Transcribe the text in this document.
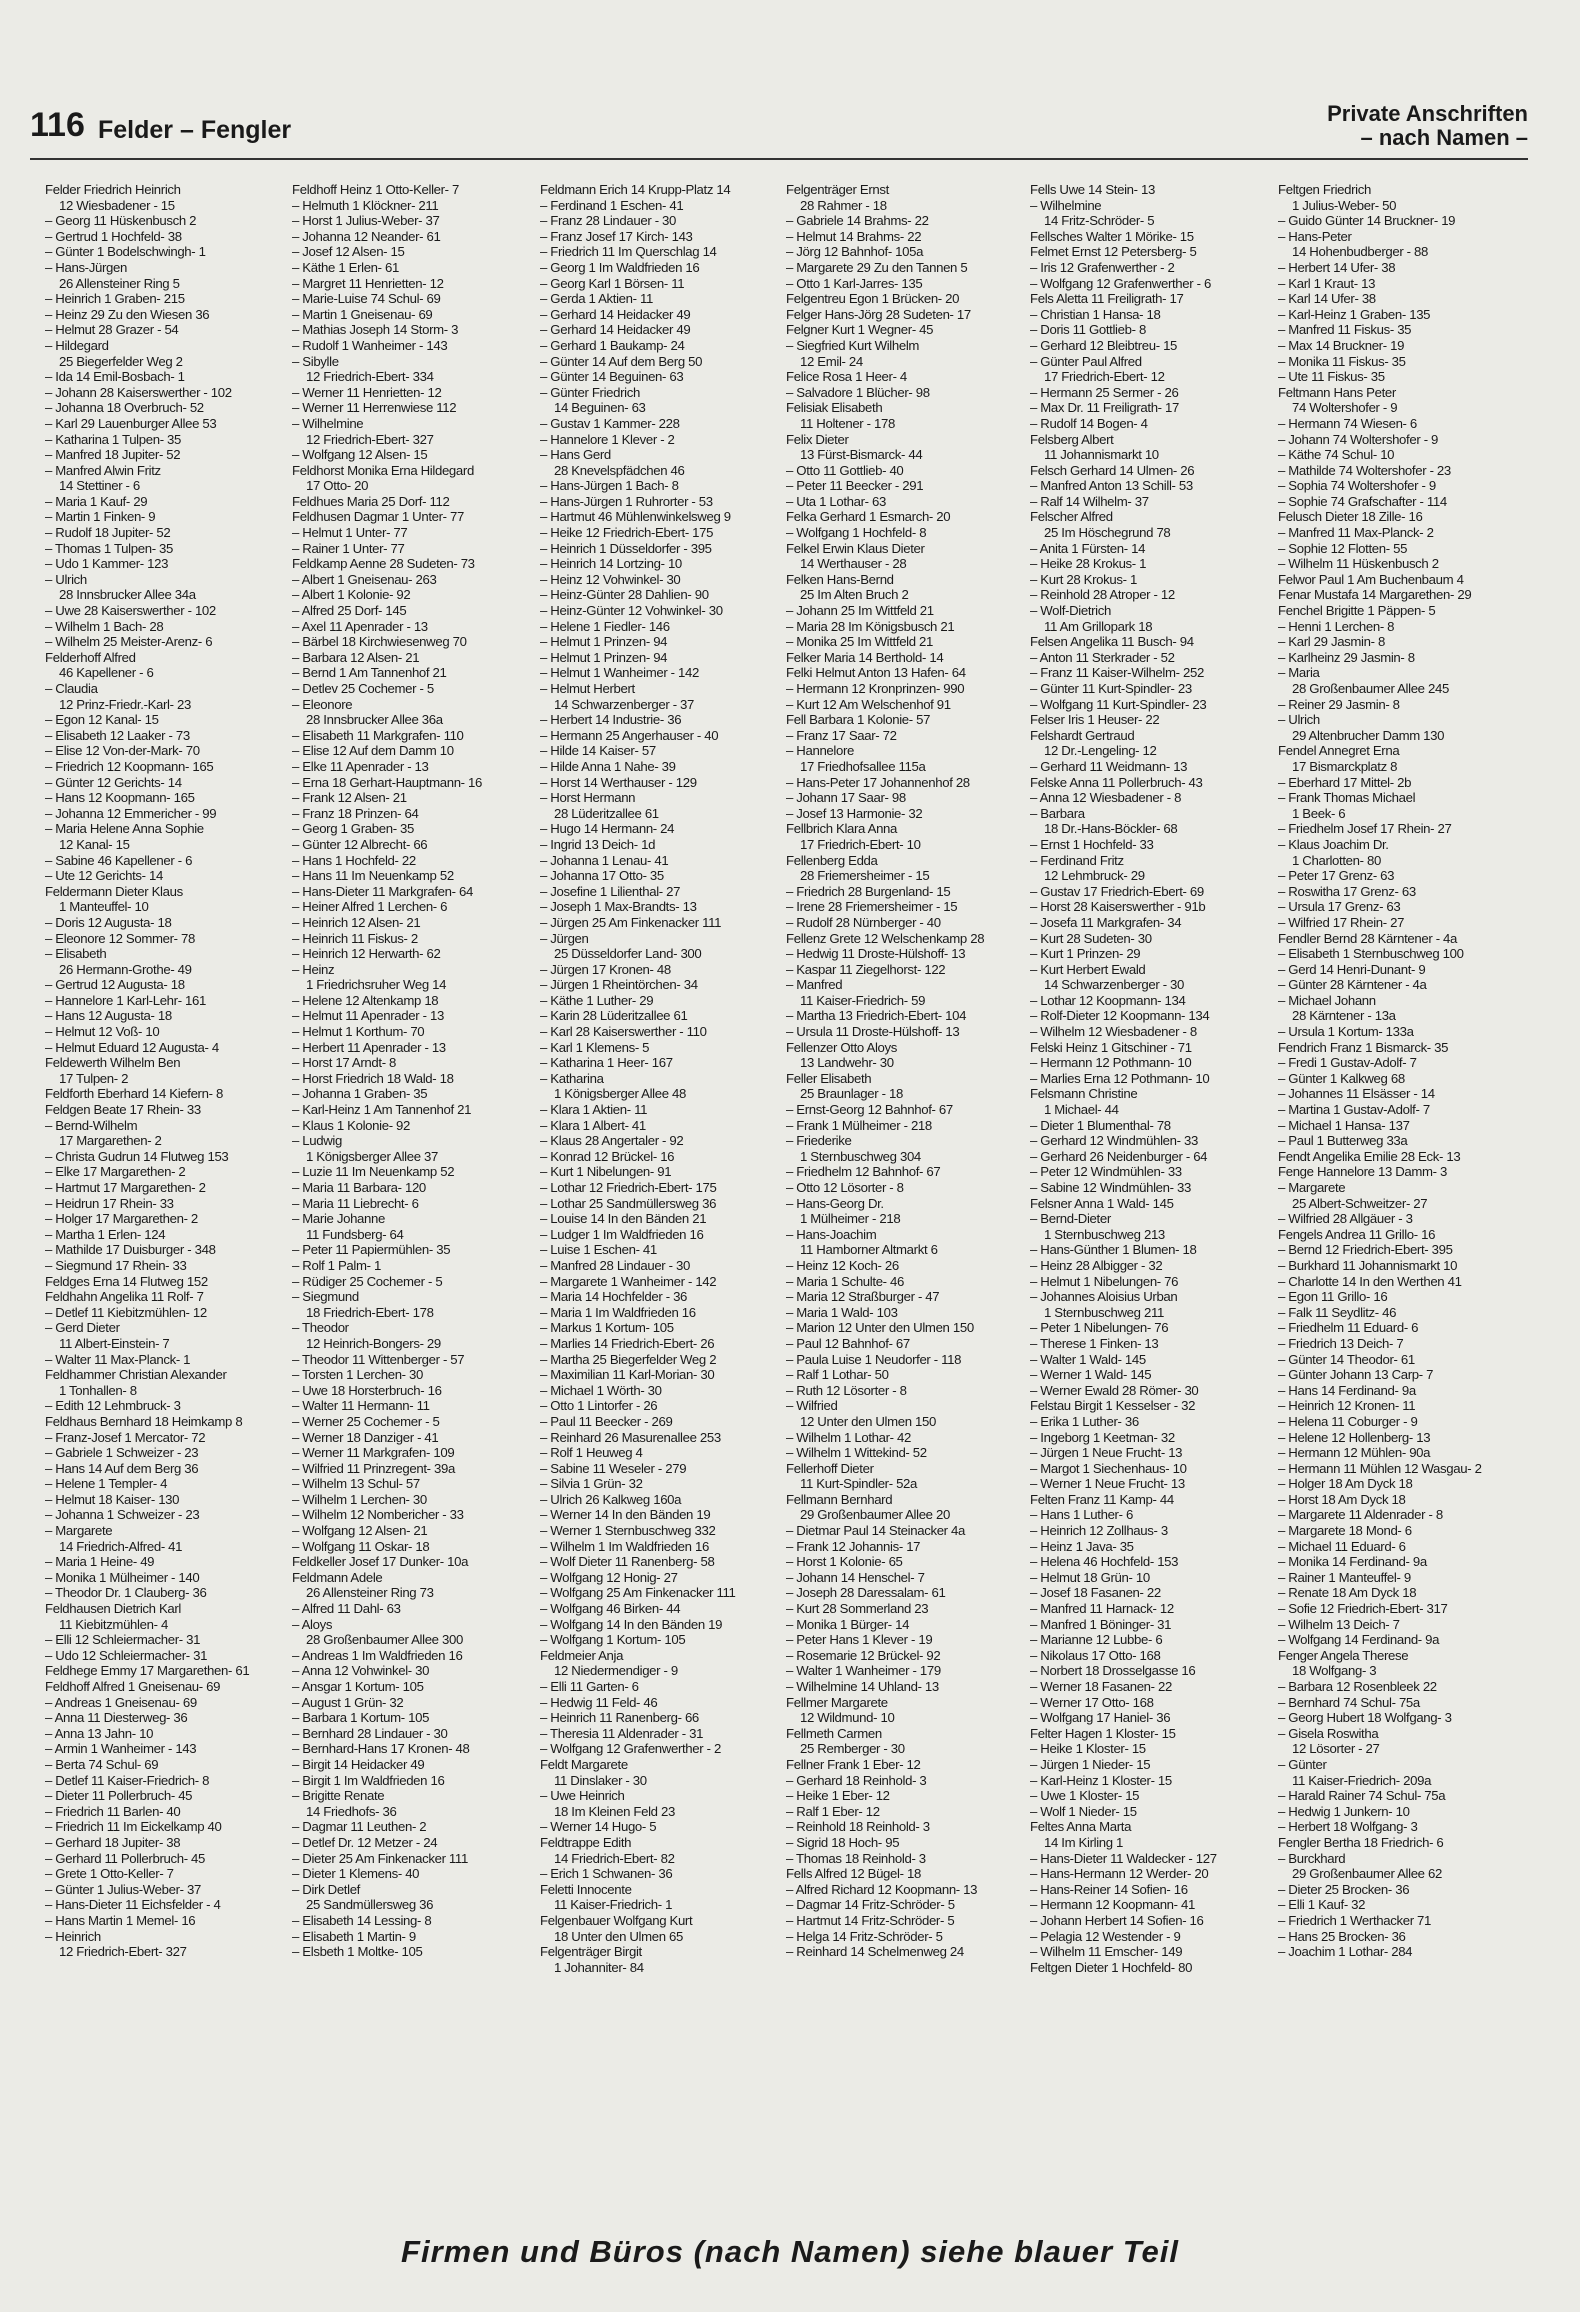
116 Felder – Fengler
Private Anschriften
– nach Namen –
Felder Friedrich Heinrich
12 Wiesbadener - 15
– Georg 11 Hüskenbusch 2
– Gertrud 1 Hochfeld- 38
– Günter 1 Bodelschwingh- 1
– Hans-Jürgen
26 Allensteiner Ring 5
– Heinrich 1 Graben- 215
– Heinz 29 Zu den Wiesen 36
– Helmut 28 Grazer - 54
– Hildegard
25 Biegerfelder Weg 2
– Ida 14 Emil-Bosbach- 1
– Johann 28 Kaiserswerther - 102
– Johanna 18 Overbruch- 52
– Karl 29 Lauenburger Allee 53
– Katharina 1 Tulpen- 35
– Manfred 18 Jupiter- 52
– Manfred Alwin Fritz
14 Stettiner - 6
– Maria 1 Kauf- 29
– Martin 1 Finken- 9
– Rudolf 18 Jupiter- 52
– Thomas 1 Tulpen- 35
– Udo 1 Kammer- 123
– Ulrich
28 Innsbrucker Allee 34a
– Uwe 28 Kaiserswerther - 102
– Wilhelm 1 Bach- 28
– Wilhelm 25 Meister-Arenz- 6
Felderhoff Alfred
46 Kapellener - 6
– Claudia
12 Prinz-Friedr.-Karl- 23
– Egon 12 Kanal- 15
– Elisabeth 12 Laaker - 73
– Elise 12 Von-der-Mark- 70
– Friedrich 12 Koopmann- 165
– Günter 12 Gerichts- 14
– Hans 12 Koopmann- 165
– Johanna 12 Emmericher - 99
– Maria Helene Anna Sophie
12 Kanal- 15
– Sabine 46 Kapellener - 6
– Ute 12 Gerichts- 14
Feldermann Dieter Klaus
1 Manteuffel- 10
– Doris 12 Augusta- 18
– Eleonore 12 Sommer- 78
– Elisabeth
26 Hermann-Grothe- 49
– Gertrud 12 Augusta- 18
– Hannelore 1 Karl-Lehr- 161
– Hans 12 Augusta- 18
– Helmut 12 Voß- 10
– Helmut Eduard 12 Augusta- 4
Feldewerth Wilhelm Ben
17 Tulpen- 2
Feldforth Eberhard 14 Kiefern- 8
Feldgen Beate 17 Rhein- 33
– Bernd-Wilhelm
17 Margarethen- 2
– Christa Gudrun 14 Flutweg 153
– Elke 17 Margarethen- 2
– Hartmut 17 Margarethen- 2
– Heidrun 17 Rhein- 33
– Holger 17 Margarethen- 2
– Martha 1 Erlen- 124
– Mathilde 17 Duisburger - 348
– Siegmund 17 Rhein- 33
Feldges Erna 14 Flutweg 152
Feldhahn Angelika 11 Rolf- 7
– Detlef 11 Kiebitzmühlen- 12
– Gerd Dieter
11 Albert-Einstein- 7
– Walter 11 Max-Planck- 1
Feldhammer Christian Alexander
1 Tonhallen- 8
– Edith 12 Lehmbruck- 3
Feldhaus Bernhard 18 Heimkamp 8
– Franz-Josef 1 Mercator- 72
– Gabriele 1 Schweizer - 23
– Hans 14 Auf dem Berg 36
– Helene 1 Templer- 4
– Helmut 18 Kaiser- 130
– Johanna 1 Schweizer - 23
– Margarete
14 Friedrich-Alfred- 41
– Maria 1 Heine- 49
– Monika 1 Mülheimer - 140
– Theodor Dr. 1 Clauberg- 36
Feldhausen Dietrich Karl
11 Kiebitzmühlen- 4
– Elli 12 Schleiermacher- 31
– Udo 12 Schleiermacher- 31
Feldhege Emmy 17 Margarethen- 61
Feldhoff Alfred 1 Gneisenau- 69
– Andreas 1 Gneisenau- 69
– Anna 11 Diesterweg- 36
– Anna 13 Jahn- 10
– Armin 1 Wanheimer - 143
– Berta 74 Schul- 69
– Detlef 11 Kaiser-Friedrich- 8
– Dieter 11 Pollerbruch- 45
– Friedrich 11 Barlen- 40
– Friedrich 11 Im Eickelkamp 40
– Gerhard 18 Jupiter- 38
– Gerhard 11 Pollerbruch- 45
– Grete 1 Otto-Keller- 7
– Günter 1 Julius-Weber- 37
– Hans-Dieter 11 Eichsfelder - 4
– Hans Martin 1 Memel- 16
– Heinrich
12 Friedrich-Ebert- 327
Feldhoff Heinz 1 Otto-Keller- 7
– Helmuth 1 Klöckner- 211
– Horst 1 Julius-Weber- 37
– Johanna 12 Neander- 61
– Josef 12 Alsen- 15
– Käthe 1 Erlen- 61
– Margret 11 Henrietten- 12
– Marie-Luise 74 Schul- 69
– Martin 1 Gneisenau- 69
– Mathias Joseph 14 Storm- 3
– Rudolf 1 Wanheimer - 143
– Sibylle
12 Friedrich-Ebert- 334
– Werner 11 Henrietten- 12
– Werner 11 Herrenwiese 112
– Wilhelmine
12 Friedrich-Ebert- 327
– Wolfgang 12 Alsen- 15
Feldhorst Monika Erna Hildegard
17 Otto- 20
Feldhues Maria 25 Dorf- 112
Feldhusen Dagmar 1 Unter- 77
– Helmut 1 Unter- 77
– Rainer 1 Unter- 77
Feldkamp Aenne 28 Sudeten- 73
– Albert 1 Gneisenau- 263
– Albert 1 Kolonie- 92
– Alfred 25 Dorf- 145
– Axel 11 Apenrader - 13
– Bärbel 18 Kirchwiesenweg 70
– Barbara 12 Alsen- 21
– Bernd 1 Am Tannenhof 21
– Detlev 25 Cochemer - 5
– Eleonore
28 Innsbrucker Allee 36a
– Elisabeth 11 Markgrafen- 110
– Elise 12 Auf dem Damm 10
– Elke 11 Apenrader - 13
– Erna 18 Gerhart-Hauptmann- 16
– Frank 12 Alsen- 21
– Franz 18 Prinzen- 64
– Georg 1 Graben- 35
– Günter 12 Albrecht- 66
– Hans 1 Hochfeld- 22
– Hans 11 Im Neuenkamp 52
– Hans-Dieter 11 Markgrafen- 64
– Heiner Alfred 1 Lerchen- 6
– Heinrich 12 Alsen- 21
– Heinrich 11 Fiskus- 2
– Heinrich 12 Herwarth- 62
– Heinz
1 Friedrichsruher Weg 14
– Helene 12 Altenkamp 18
– Helmut 11 Apenrader - 13
– Helmut 1 Korthum- 70
– Herbert 11 Apenrader - 13
– Horst 17 Arndt- 8
– Horst Friedrich 18 Wald- 18
– Johanna 1 Graben- 35
– Karl-Heinz 1 Am Tannenhof 21
– Klaus 1 Kolonie- 92
– Ludwig
1 Königsberger Allee 37
– Luzie 11 Im Neuenkamp 52
– Maria 11 Barbara- 120
– Maria 11 Liebrecht- 6
– Marie Johanne
11 Fundsberg- 64
– Peter 11 Papiermühlen- 35
– Rolf 1 Palm- 1
– Rüdiger 25 Cochemer - 5
– Siegmund
18 Friedrich-Ebert- 178
– Theodor
12 Heinrich-Bongers- 29
– Theodor 11 Wittenberger - 57
– Torsten 1 Lerchen- 30
– Uwe 18 Horsterbruch- 16
– Walter 11 Hermann- 11
– Werner 25 Cochemer - 5
– Werner 18 Danziger - 41
– Werner 11 Markgrafen- 109
– Wilfried 11 Prinzregent- 39a
– Wilhelm 13 Schul- 57
– Wilhelm 1 Lerchen- 30
– Wilhelm 12 Nombericher - 33
– Wolfgang 12 Alsen- 21
– Wolfgang 11 Oskar- 18
Feldkeller Josef 17 Dunker- 10a
Feldmann Adele
26 Allensteiner Ring 73
– Alfred 11 Dahl- 63
– Aloys
28 Großenbaumer Allee 300
– Andreas 1 Im Waldfrieden 16
– Anna 12 Vohwinkel- 30
– Ansgar 1 Kortum- 105
– August 1 Grün- 32
– Barbara 1 Kortum- 105
– Bernhard 28 Lindauer - 30
– Bernhard-Hans 17 Kronen- 48
– Birgit 14 Heidacker 49
– Birgit 1 Im Waldfrieden 16
– Brigitte Renate
14 Friedhofs- 36
– Dagmar 11 Leuthen- 2
– Detlef Dr. 12 Metzer - 24
– Dieter 25 Am Finkenacker 111
– Dieter 1 Klemens- 40
– Dirk Detlef
25 Sandmüllersweg 36
– Elisabeth 14 Lessing- 8
– Elisabeth 1 Martin- 9
– Elsbeth 1 Moltke- 105
Feldmann Erich 14 Krupp-Platz 14
– Ferdinand 1 Eschen- 41
– Franz 28 Lindauer - 30
– Franz Josef 17 Kirch- 143
– Friedrich 11 Im Querschlag 14
– Georg 1 Im Waldfrieden 16
– Georg Karl 1 Börsen- 11
– Gerda 1 Aktien- 11
– Gerhard 14 Heidacker 49
– Gerhard 14 Heidacker 49
– Gerhard 1 Baukamp- 24
– Günter 14 Auf dem Berg 50
– Günter 14 Beguinen- 63
– Günter Friedrich
14 Beguinen- 63
– Gustav 1 Kammer- 228
– Hannelore 1 Klever - 2
– Hans Gerd
28 Knevelspfädchen 46
– Hans-Jürgen 1 Bach- 8
– Hans-Jürgen 1 Ruhrorter - 53
– Hartmut 46 Mühlenwinkelsweg 9
– Heike 12 Friedrich-Ebert- 175
– Heinrich 1 Düsseldorfer - 395
– Heinrich 14 Lortzing- 10
– Heinz 12 Vohwinkel- 30
– Heinz-Günter 28 Dahlien- 90
– Heinz-Günter 12 Vohwinkel- 30
– Helene 1 Fiedler- 146
– Helmut 1 Prinzen- 94
– Helmut 1 Prinzen- 94
– Helmut 1 Wanheimer - 142
– Helmut Herbert
14 Schwarzenberger - 37
– Herbert 14 Industrie- 36
– Hermann 25 Angerhauser - 40
– Hilde 14 Kaiser- 57
– Hilde Anna 1 Nahe- 39
– Horst 14 Werthauser - 129
– Horst Hermann
28 Lüderitzallee 61
– Hugo 14 Hermann- 24
– Ingrid 13 Deich- 1d
– Johanna 1 Lenau- 41
– Johanna 17 Otto- 35
– Josefine 1 Lilienthal- 27
– Joseph 1 Max-Brandts- 13
– Jürgen 25 Am Finkenacker 111
– Jürgen
25 Düsseldorfer Land- 300
– Jürgen 17 Kronen- 48
– Jürgen 1 Rheintörchen- 34
– Käthe 1 Luther- 29
– Karin 28 Lüderitzallee 61
– Karl 28 Kaiserswerther - 110
– Karl 1 Klemens- 5
– Katharina 1 Heer- 167
– Katharina
1 Königsberger Allee 48
– Klara 1 Aktien- 11
– Klara 1 Albert- 41
– Klaus 28 Angertaler - 92
– Konrad 12 Brückel- 16
– Kurt 1 Nibelungen- 91
– Lothar 12 Friedrich-Ebert- 175
– Lothar 25 Sandmüllersweg 36
– Louise 14 In den Bänden 21
– Ludger 1 Im Waldfrieden 16
– Luise 1 Eschen- 41
– Manfred 28 Lindauer - 30
– Margarete 1 Wanheimer - 142
– Maria 14 Hochfelder - 36
– Maria 1 Im Waldfrieden 16
– Markus 1 Kortum- 105
– Marlies 14 Friedrich-Ebert- 26
– Martha 25 Biegerfelder Weg 2
– Maximilian 11 Karl-Morian- 30
– Michael 1 Wörth- 30
– Otto 1 Lintorfer - 26
– Paul 11 Beecker - 269
– Reinhard 26 Masurenallee 253
– Rolf 1 Heuweg 4
– Sabine 11 Weseler - 279
– Silvia 1 Grün- 32
– Ulrich 26 Kalkweg 160a
– Werner 14 In den Bänden 19
– Werner 1 Sternbuschweg 332
– Wilhelm 1 Im Waldfrieden 16
– Wolf Dieter 11 Ranenberg- 58
– Wolfgang 12 Honig- 27
– Wolfgang 25 Am Finkenacker 111
– Wolfgang 46 Birken- 44
– Wolfgang 14 In den Bänden 19
– Wolfgang 1 Kortum- 105
Feldmeier Anja
12 Niedermendiger - 9
– Elli 11 Garten- 6
– Hedwig 11 Feld- 46
– Heinrich 11 Ranenberg- 66
– Theresia 11 Aldenrader - 31
– Wolfgang 12 Grafenwerther - 2
Feldt Margarete
11 Dinslaker - 30
– Uwe Heinrich
18 Im Kleinen Feld 23
– Werner 14 Hugo- 5
Feldtrappe Edith
14 Friedrich-Ebert- 82
– Erich 1 Schwanen- 36
Feletti Innocente
11 Kaiser-Friedrich- 1
Felgenbauer Wolfgang Kurt
18 Unter den Ulmen 65
Felgenträger Birgit
1 Johanniter- 84
Felgenträger Ernst
28 Rahmer - 18
– Gabriele 14 Brahms- 22
– Helmut 14 Brahms- 22
– Jörg 12 Bahnhof- 105a
– Margarete 29 Zu den Tannen 5
– Otto 1 Karl-Jarres- 135
Felgentreu Egon 1 Brücken- 20
Felger Hans-Jörg 28 Sudeten- 17
Felgner Kurt 1 Wegner- 45
– Siegfried Kurt Wilhelm
12 Emil- 24
Felice Rosa 1 Heer- 4
– Salvadore 1 Blücher- 98
Felisiak Elisabeth
11 Holtener - 178
Felix Dieter
13 Fürst-Bismarck- 44
– Otto 11 Gottlieb- 40
– Peter 11 Beecker - 291
– Uta 1 Lothar- 63
Felka Gerhard 1 Esmarch- 20
– Wolfgang 1 Hochfeld- 8
Felkel Erwin Klaus Dieter
14 Werthauser - 28
Felken Hans-Bernd
25 Im Alten Bruch 2
– Johann 25 Im Wittfeld 21
– Maria 28 Im Königsbusch 21
– Monika 25 Im Wittfeld 21
Felker Maria 14 Berthold- 14
Felki Helmut Anton 13 Hafen- 64
– Hermann 12 Kronprinzen- 990
– Kurt 12 Am Welschenhof 91
Fell Barbara 1 Kolonie- 57
– Franz 17 Saar- 72
– Hannelore
17 Friedhofsallee 115a
– Hans-Peter 17 Johannenhof 28
– Johann 17 Saar- 98
– Josef 13 Harmonie- 32
Fellbrich Klara Anna
17 Friedrich-Ebert- 10
Fellenberg Edda
28 Friemersheimer - 15
– Friedrich 28 Burgenland- 15
– Irene 28 Friemersheimer - 15
– Rudolf 28 Nürnberger - 40
Fellenz Grete 12 Welschenkamp 28
– Hedwig 11 Droste-Hülshoff- 13
– Kaspar 11 Ziegelhorst- 122
– Manfred
11 Kaiser-Friedrich- 59
– Martha 13 Friedrich-Ebert- 104
– Ursula 11 Droste-Hülshoff- 13
Fellenzer Otto Aloys
13 Landwehr- 30
Feller Elisabeth
25 Braunlager - 18
– Ernst-Georg 12 Bahnhof- 67
– Frank 1 Mülheimer - 218
– Friederike
1 Sternbuschweg 304
– Friedhelm 12 Bahnhof- 67
– Otto 12 Lösorter - 8
– Hans-Georg Dr.
1 Mülheimer - 218
– Hans-Joachim
11 Hamborner Altmarkt 6
– Heinz 12 Koch- 26
– Maria 1 Schulte- 46
– Maria 12 Straßburger - 47
– Maria 1 Wald- 103
– Marion 12 Unter den Ulmen 150
– Paul 12 Bahnhof- 67
– Paula Luise 1 Neudorfer - 118
– Ralf 1 Lothar- 50
– Ruth 12 Lösorter - 8
– Wilfried
12 Unter den Ulmen 150
– Wilhelm 1 Lothar- 42
– Wilhelm 1 Wittekind- 52
Fellerhoff Dieter
11 Kurt-Spindler- 52a
Fellmann Bernhard
29 Großenbaumer Allee 20
– Dietmar Paul 14 Steinacker 4a
– Frank 12 Johannis- 17
– Horst 1 Kolonie- 65
– Johann 14 Henschel- 7
– Joseph 28 Daressalam- 61
– Kurt 28 Sommerland 23
– Monika 1 Bürger- 14
– Peter Hans 1 Klever - 19
– Rosemarie 12 Brückel- 92
– Walter 1 Wanheimer - 179
– Wilhelmine 14 Uhland- 13
Fellmer Margarete
12 Wildmund- 10
Fellmeth Carmen
25 Remberger - 30
Fellner Frank 1 Eber- 12
– Gerhard 18 Reinhold- 3
– Heike 1 Eber- 12
– Ralf 1 Eber- 12
– Reinhold 18 Reinhold- 3
– Sigrid 18 Hoch- 95
– Thomas 18 Reinhold- 3
Fells Alfred 12 Bügel- 18
– Alfred Richard 12 Koopmann- 13
– Dagmar 14 Fritz-Schröder- 5
– Hartmut 14 Fritz-Schröder- 5
– Helga 14 Fritz-Schröder- 5
– Reinhard 14 Schelmenweg 24
Fells Uwe 14 Stein- 13
– Wilhelmine
14 Fritz-Schröder- 5
Fellsches Walter 1 Mörike- 15
Felmet Ernst 12 Petersberg- 5
– Iris 12 Grafenwerther - 2
– Wolfgang 12 Grafenwerther - 6
Fels Aletta 11 Freiligrath- 17
– Christian 1 Hansa- 18
– Doris 11 Gottlieb- 8
– Gerhard 12 Bleibtreu- 15
– Günter Paul Alfred
17 Friedrich-Ebert- 12
– Hermann 25 Sermer - 26
– Max Dr. 11 Freiligrath- 17
– Rudolf 14 Bogen- 4
Felsberg Albert
11 Johannismarkt 10
Felsch Gerhard 14 Ulmen- 26
– Manfred Anton 13 Schill- 53
– Ralf 14 Wilhelm- 37
Felscher Alfred
25 Im Höschegrund 78
– Anita 1 Fürsten- 14
– Heike 28 Krokus- 1
– Kurt 28 Krokus- 1
– Reinhold 28 Atroper - 12
– Wolf-Dietrich
11 Am Grillopark 18
Felsen Angelika 11 Busch- 94
– Anton 11 Sterkrader - 52
– Franz 11 Kaiser-Wilhelm- 252
– Günter 11 Kurt-Spindler- 23
– Wolfgang 11 Kurt-Spindler- 23
Felser Iris 1 Heuser- 22
Felshardt Gertraud
12 Dr.-Lengeling- 12
– Gerhard 11 Weidmann- 13
Felske Anna 11 Pollerbruch- 43
– Anna 12 Wiesbadener - 8
– Barbara
18 Dr.-Hans-Böckler- 68
– Ernst 1 Hochfeld- 33
– Ferdinand Fritz
12 Lehmbruck- 29
– Gustav 17 Friedrich-Ebert- 69
– Horst 28 Kaiserswerther - 91b
– Josefa 11 Markgrafen- 34
– Kurt 28 Sudeten- 30
– Kurt 1 Prinzen- 29
– Kurt Herbert Ewald
14 Schwarzenberger - 30
– Lothar 12 Koopmann- 134
– Rolf-Dieter 12 Koopmann- 134
– Wilhelm 12 Wiesbadener - 8
Felski Heinz 1 Gitschiner - 71
– Hermann 12 Pothmann- 10
– Marlies Erna 12 Pothmann- 10
Felsmann Christine
1 Michael- 44
– Dieter 1 Blumenthal- 78
– Gerhard 12 Windmühlen- 33
– Gerhard 26 Neidenburger - 64
– Peter 12 Windmühlen- 33
– Sabine 12 Windmühlen- 33
Felsner Anna 1 Wald- 145
– Bernd-Dieter
1 Sternbuschweg 213
– Hans-Günther 1 Blumen- 18
– Heinz 28 Albigger - 32
– Helmut 1 Nibelungen- 76
– Johannes Aloisius Urban
1 Sternbuschweg 211
– Peter 1 Nibelungen- 76
– Therese 1 Finken- 13
– Walter 1 Wald- 145
– Werner 1 Wald- 145
– Werner Ewald 28 Römer- 30
Felstau Birgit 1 Kesselser - 32
– Erika 1 Luther- 36
– Ingeborg 1 Keetman- 32
– Jürgen 1 Neue Frucht- 13
– Margot 1 Siechenhaus- 10
– Werner 1 Neue Frucht- 13
Felten Franz 11 Kamp- 44
– Hans 1 Luther- 6
– Heinrich 12 Zollhaus- 3
– Heinz 1 Java- 35
– Helena 46 Hochfeld- 153
– Helmut 18 Grün- 10
– Josef 18 Fasanen- 22
– Manfred 11 Harnack- 12
– Manfred 1 Böninger- 31
– Marianne 12 Lubbe- 6
– Nikolaus 17 Otto- 168
– Norbert 18 Drosselgasse 16
– Werner 18 Fasanen- 22
– Werner 17 Otto- 168
– Wolfgang 17 Haniel- 36
Felter Hagen 1 Kloster- 15
– Heike 1 Kloster- 15
– Jürgen 1 Nieder- 15
– Karl-Heinz 1 Kloster- 15
– Uwe 1 Kloster- 15
– Wolf 1 Nieder- 15
Feltes Anna Marta
14 Im Kirling 1
– Hans-Dieter 11 Waldecker - 127
– Hans-Hermann 12 Werder- 20
– Hans-Reiner 14 Sofien- 16
– Hermann 12 Koopmann- 41
– Johann Herbert 14 Sofien- 16
– Pelagia 12 Westender - 9
– Wilhelm 11 Emscher- 149
Feltgen Dieter 1 Hochfeld- 80
Feltgen Friedrich
1 Julius-Weber- 50
– Guido Günter 14 Bruckner- 19
– Hans-Peter
14 Hohenbudberger - 88
– Herbert 14 Ufer- 38
– Karl 1 Kraut- 13
– Karl 14 Ufer- 38
– Karl-Heinz 1 Graben- 135
– Manfred 11 Fiskus- 35
– Max 14 Bruckner- 19
– Monika 11 Fiskus- 35
– Ute 11 Fiskus- 35
Feltmann Hans Peter
74 Woltershofer - 9
– Hermann 74 Wiesen- 6
– Johann 74 Woltershofer - 9
– Käthe 74 Schul- 10
– Mathilde 74 Woltershofer - 23
– Sophia 74 Woltershofer - 9
– Sophie 74 Grafschafter - 114
Felusch Dieter 18 Zille- 16
– Manfred 11 Max-Planck- 2
– Sophie 12 Flotten- 55
– Wilhelm 11 Hüskenbusch 2
Felwor Paul 1 Am Buchenbaum 4
Fenar Mustafa 14 Margarethen- 29
Fenchel Brigitte 1 Päppen- 5
– Henni 1 Lerchen- 8
– Karl 29 Jasmin- 8
– Karlheinz 29 Jasmin- 8
– Maria
28 Großenbaumer Allee 245
– Reiner 29 Jasmin- 8
– Ulrich
29 Altenbrucher Damm 130
Fendel Annegret Erna
17 Bismarckplatz 8
– Eberhard 17 Mittel- 2b
– Frank Thomas Michael
1 Beek- 6
– Friedhelm Josef 17 Rhein- 27
– Klaus Joachim Dr.
1 Charlotten- 80
– Peter 17 Grenz- 63
– Roswitha 17 Grenz- 63
– Ursula 17 Grenz- 63
– Wilfried 17 Rhein- 27
Fendler Bernd 28 Kärntener - 4a
– Elisabeth 1 Sternbuschweg 100
– Gerd 14 Henri-Dunant- 9
– Günter 28 Kärntener - 4a
– Michael Johann
28 Kärntener - 13a
– Ursula 1 Kortum- 133a
Fendrich Franz 1 Bismarck- 35
– Fredi 1 Gustav-Adolf- 7
– Günter 1 Kalkweg 68
– Johannes 11 Elsässer - 14
– Martina 1 Gustav-Adolf- 7
– Michael 1 Hansa- 137
– Paul 1 Butterweg 33a
Fendt Angelika Emilie 28 Eck- 13
Fenge Hannelore 13 Damm- 3
– Margarete
25 Albert-Schweitzer- 27
– Wilfried 28 Allgäuer - 3
Fengels Andrea 11 Grillo- 16
– Bernd 12 Friedrich-Ebert- 395
– Burkhard 11 Johannismarkt 10
– Charlotte 14 In den Werthen 41
– Egon 11 Grillo- 16
– Falk 11 Seydlitz- 46
– Friedhelm 11 Eduard- 6
– Friedrich 13 Deich- 7
– Günter 14 Theodor- 61
– Günter Johann 13 Carp- 7
– Hans 14 Ferdinand- 9a
– Heinrich 12 Kronen- 11
– Helena 11 Coburger - 9
– Helene 12 Hollenberg- 13
– Hermann 12 Mühlen- 90a
– Hermann 11 Mühlen 12 Wasgau- 2
– Holger 18 Am Dyck 18
– Horst 18 Am Dyck 18
– Margarete 11 Aldenrader - 8
– Margarete 18 Mond- 6
– Michael 11 Eduard- 6
– Monika 14 Ferdinand- 9a
– Rainer 1 Manteuffel- 9
– Renate 18 Am Dyck 18
– Sofie 12 Friedrich-Ebert- 317
– Wilhelm 13 Deich- 7
– Wolfgang 14 Ferdinand- 9a
Fenger Angela Therese
18 Wolfgang- 3
– Barbara 12 Rosenbleek 22
– Bernhard 74 Schul- 75a
– Georg Hubert 18 Wolfgang- 3
– Gisela Roswitha
12 Lösorter - 27
– Günter
11 Kaiser-Friedrich- 209a
– Harald Rainer 74 Schul- 75a
– Hedwig 1 Junkern- 10
– Herbert 18 Wolfgang- 3
Fengler Bertha 18 Friedrich- 6
– Burckhard
29 Großenbaumer Allee 62
– Dieter 25 Brocken- 36
– Elli 1 Kauf- 32
– Friedrich 1 Werthacker 71
– Hans 25 Brocken- 36
– Joachim 1 Lothar- 284
Firmen und Büros (nach Namen) siehe blauer Teil
